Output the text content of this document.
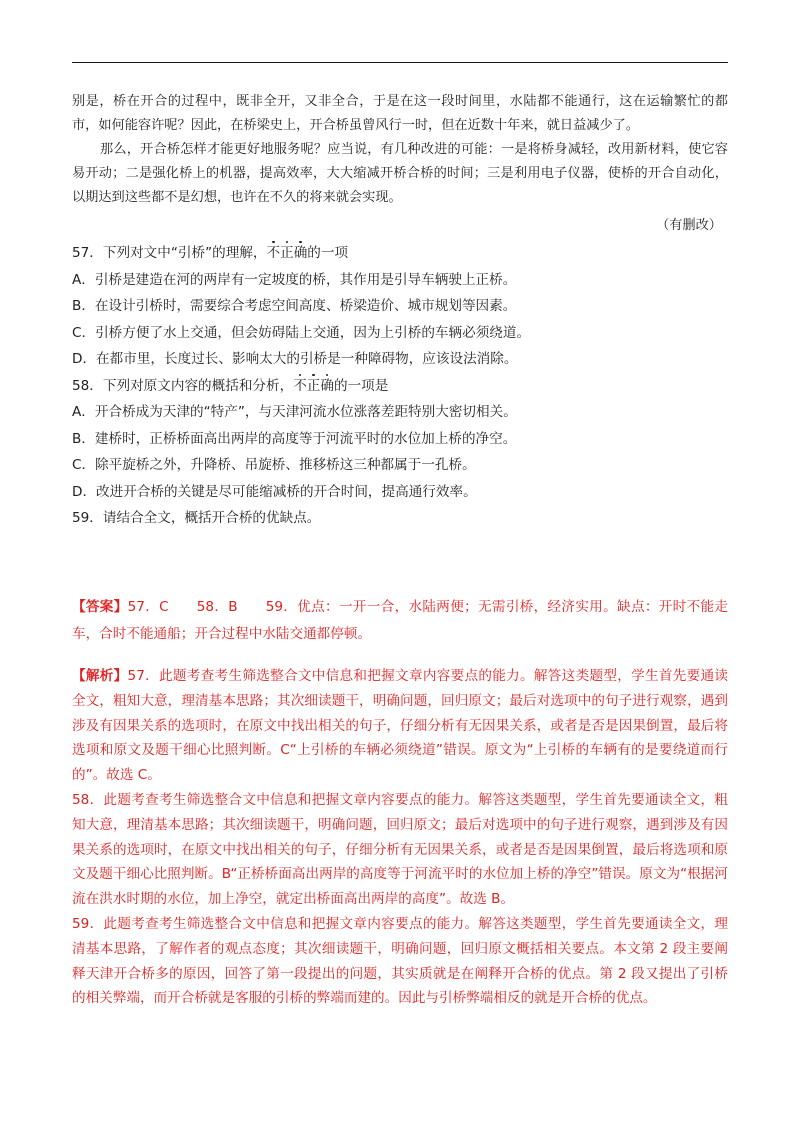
别是，桥在开合的过程中，既非全开，又非全合，于是在这一段时间里，水陆都不能通行，这在运输繁忙的都市，如何能容许呢？因此，在桥梁史上，开合桥虽曾风行一时，但在近数十年来，就日益减少了。

那么，开合桥怎样才能更好地服务呢？应当说，有几种改进的可能：一是将桥身减轻，改用新材料，使它容易开动；二是强化桥上的机器，提高效率，大大缩减开桥合桥的时间；三是利用电子仪器，使桥的开合自动化，以期达到这些都不是幻想，也许在不久的将来就会实现。

（有删改）

57．下列对文中“引桥”的理解，不正确的一项
A．引桥是建造在河的两岸有一定坡度的桥，其作用是引导车辆驶上正桥。
B．在设计引桥时，需要综合考虑空间高度、桥梁造价、城市规划等因素。
C．引桥方便了水上交通，但会妨碍陆上交通，因为上引桥的车辆必须绕道。
D．在都市里，长度过长、影响太大的引桥是一种障碍物，应该设法消除。
58．下列对原文内容的概括和分析，不正确的一项是
A．开合桥成为天津的“特产”，与天津河流水位涨落差距特别大密切相关。
B．建桥时，正桥桥面高出两岸的高度等于河流平时的水位加上桥的净空。
C．除平旋桥之外，升降桥、吊旋桥、推移桥这三种都属于一孔桥。
D．改进开合桥的关键是尽可能缩减桥的开合时间，提高通行效率。
59．请结合全文，概括开合桥的优缺点。

【答案】57．C　　58．B　　59．优点：一开一合，水陆两便；无需引桥，经济实用。缺点：开时不能走车，合时不能通船；开合过程中水陆交通都停顿。

【解析】57．此题考查考生筛选整合文中信息和把握文章内容要点的能力。解答这类题型，学生首先要通读全文，粗知大意，理清基本思路；其次细读题干，明确问题，回归原文；最后对选项中的句子进行观察，遇到涉及有因果关系的选项时，在原文中找出相关的句子，仔细分析有无因果关系，或者是否是因果倒置，最后将选项和原文及题干细心比照判断。C“上引桥的车辆必须绕道”错误。原文为“上引桥的车辆有的是要绕道而行的”。故选 C。

58．此题考查考生筛选整合文中信息和把握文章内容要点的能力。解答这类题型，学生首先要通读全文，粗知大意，理清基本思路；其次细读题干，明确问题，回归原文；最后对选项中的句子进行观察，遇到涉及有因果关系的选项时，在原文中找出相关的句子，仔细分析有无因果关系，或者是否是因果倒置，最后将选项和原文及题干细心比照判断。B“正桥桥面高出两岸的高度等于河流平时的水位加上桥的净空”错误。原文为“根据河流在洪水时期的水位，加上净空，就定出桥面高出两岸的高度”。故选 B。

59．此题考查考生筛选整合文中信息和把握文章内容要点的能力。解答这类题型，学生首先要通读全文，理清基本思路，了解作者的观点态度；其次细读题干，明确问题，回归原文概括相关要点。本文第 2 段主要阐释天津开合桥多的原因，回答了第一段提出的问题，其实质就是在阐释开合桥的优点。第 2 段又提出了引桥的相关弊端，而开合桥就是客服的引桥的弊端而建的。因此与引桥弊端相反的就是开合桥的优点。
